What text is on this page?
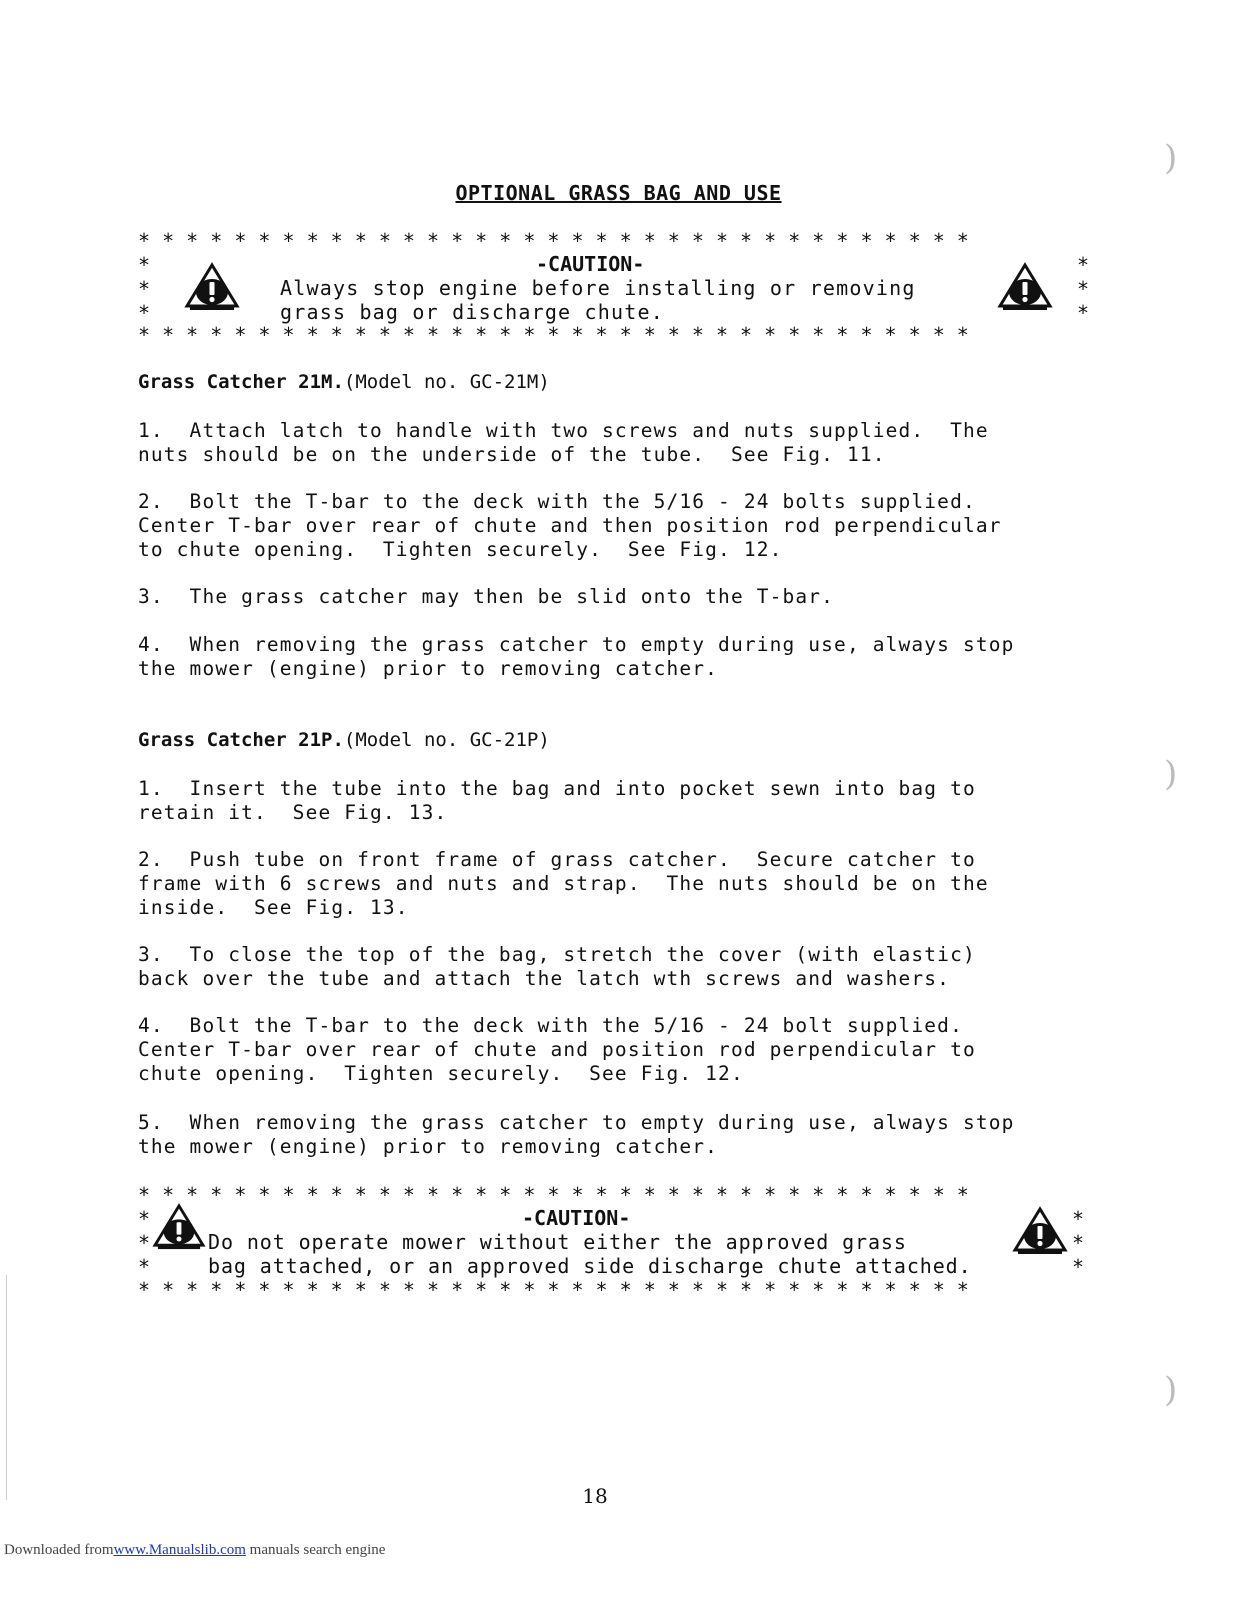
OPTIONAL GRASS BAG AND USE
* * * * * * * * * * * * * * * * * * * * * * * * * * * * * * * * * * *
*
*
*
*
*
*
-CAUTION-
Always stop engine before installing or removing
grass bag or discharge chute.
* * * * * * * * * * * * * * * * * * * * * * * * * * * * * * * * * * *
Grass Catcher 21M.(Model no. GC-21M)
1.  Attach latch to handle with two screws and nuts supplied.  The
nuts should be on the underside of the tube.  See Fig. 11.
2.  Bolt the T-bar to the deck with the 5/16 - 24 bolts supplied.
Center T-bar over rear of chute and then position rod perpendicular
to chute opening.  Tighten securely.  See Fig. 12.
3.  The grass catcher may then be slid onto the T-bar.
4.  When removing the grass catcher to empty during use, always stop
the mower (engine) prior to removing catcher.
Grass Catcher 21P.(Model no. GC-21P)
1.  Insert the tube into the bag and into pocket sewn into bag to
retain it.  See Fig. 13.
2.  Push tube on front frame of grass catcher.  Secure catcher to
frame with 6 screws and nuts and strap.  The nuts should be on the
inside.  See Fig. 13.
3.  To close the top of the bag, stretch the cover (with elastic)
back over the tube and attach the latch wth screws and washers.
4.  Bolt the T-bar to the deck with the 5/16 - 24 bolt supplied.
Center T-bar over rear of chute and position rod perpendicular to
chute opening.  Tighten securely.  See Fig. 12.
5.  When removing the grass catcher to empty during use, always stop
the mower (engine) prior to removing catcher.
* * * * * * * * * * * * * * * * * * * * * * * * * * * * * * * * * * *
*
*
*
*
*
*
-CAUTION-
Do not operate mower without either the approved grass
bag attached, or an approved side discharge chute attached.
* * * * * * * * * * * * * * * * * * * * * * * * * * * * * * * * * * *
)
)
)
18
Downloaded fromwww.Manualslib.com manuals search engine
